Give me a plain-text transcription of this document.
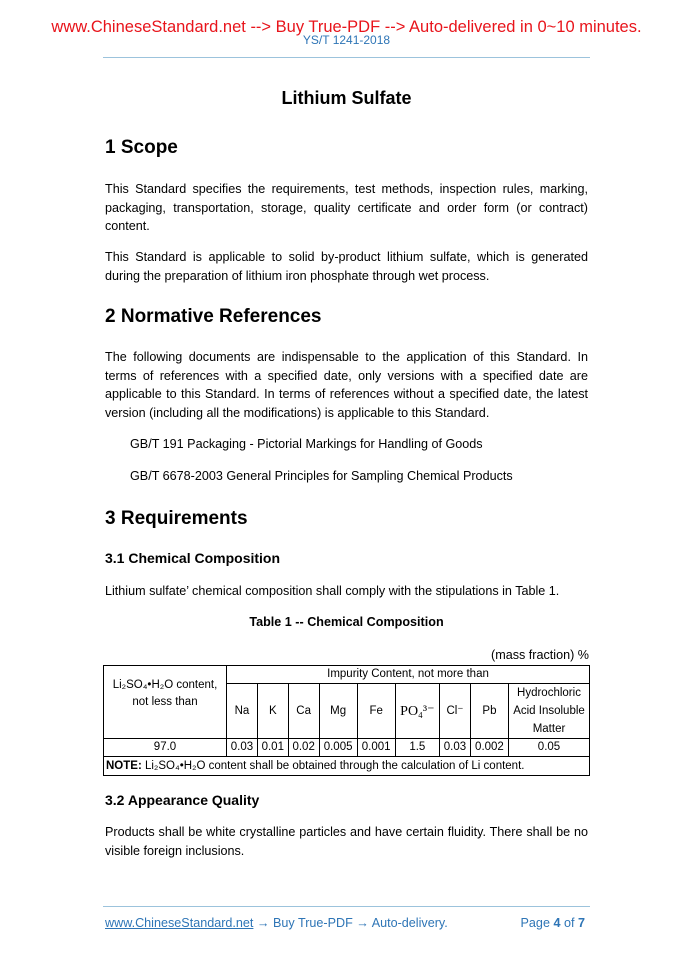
www.ChineseStandard.net --> Buy True-PDF --> Auto-delivered in 0~10 minutes.
YS/T 1241-2018
Lithium Sulfate
1 Scope

This Standard specifies the requirements, test methods, inspection rules, marking, packaging, transportation, storage, quality certificate and order form (or contract) content.

This Standard is applicable to solid by-product lithium sulfate, which is generated during the preparation of lithium iron phosphate through wet process.

2 Normative References

The following documents are indispensable to the application of this Standard. In terms of references with a specified date, only versions with a specified date are applicable to this Standard. In terms of references without a specified date, the latest version (including all the modifications) is applicable to this Standard.

GB/T 191 Packaging - Pictorial Markings for Handling of Goods

GB/T 6678-2003 General Principles for Sampling Chemical Products

3 Requirements
3.1 Chemical Composition

Lithium sulfate’ chemical composition shall comply with the stipulations in Table 1.

Table 1 -- Chemical Composition
(mass fraction) %
Li₂SO₄•H₂O content,
not less than	Impurity Content, not more than								
	Na	K	Ca	Mg	Fe	PO₄³⁻	Cl⁻	Pb	Hydrochloric Acid Insoluble Matter
97.0	0.03	0.01	0.02	0.005	0.001	1.5	0.03	0.002	0.05
NOTE: Li₂SO₄•H₂O content shall be obtained through the calculation of Li content.									
3.2 Appearance Quality

Products shall be white crystalline particles and have certain fluidity. There shall be no visible foreign inclusions.

www.ChineseStandard.net → Buy True-PDF → Auto-delivery.	Page 4 of 7
